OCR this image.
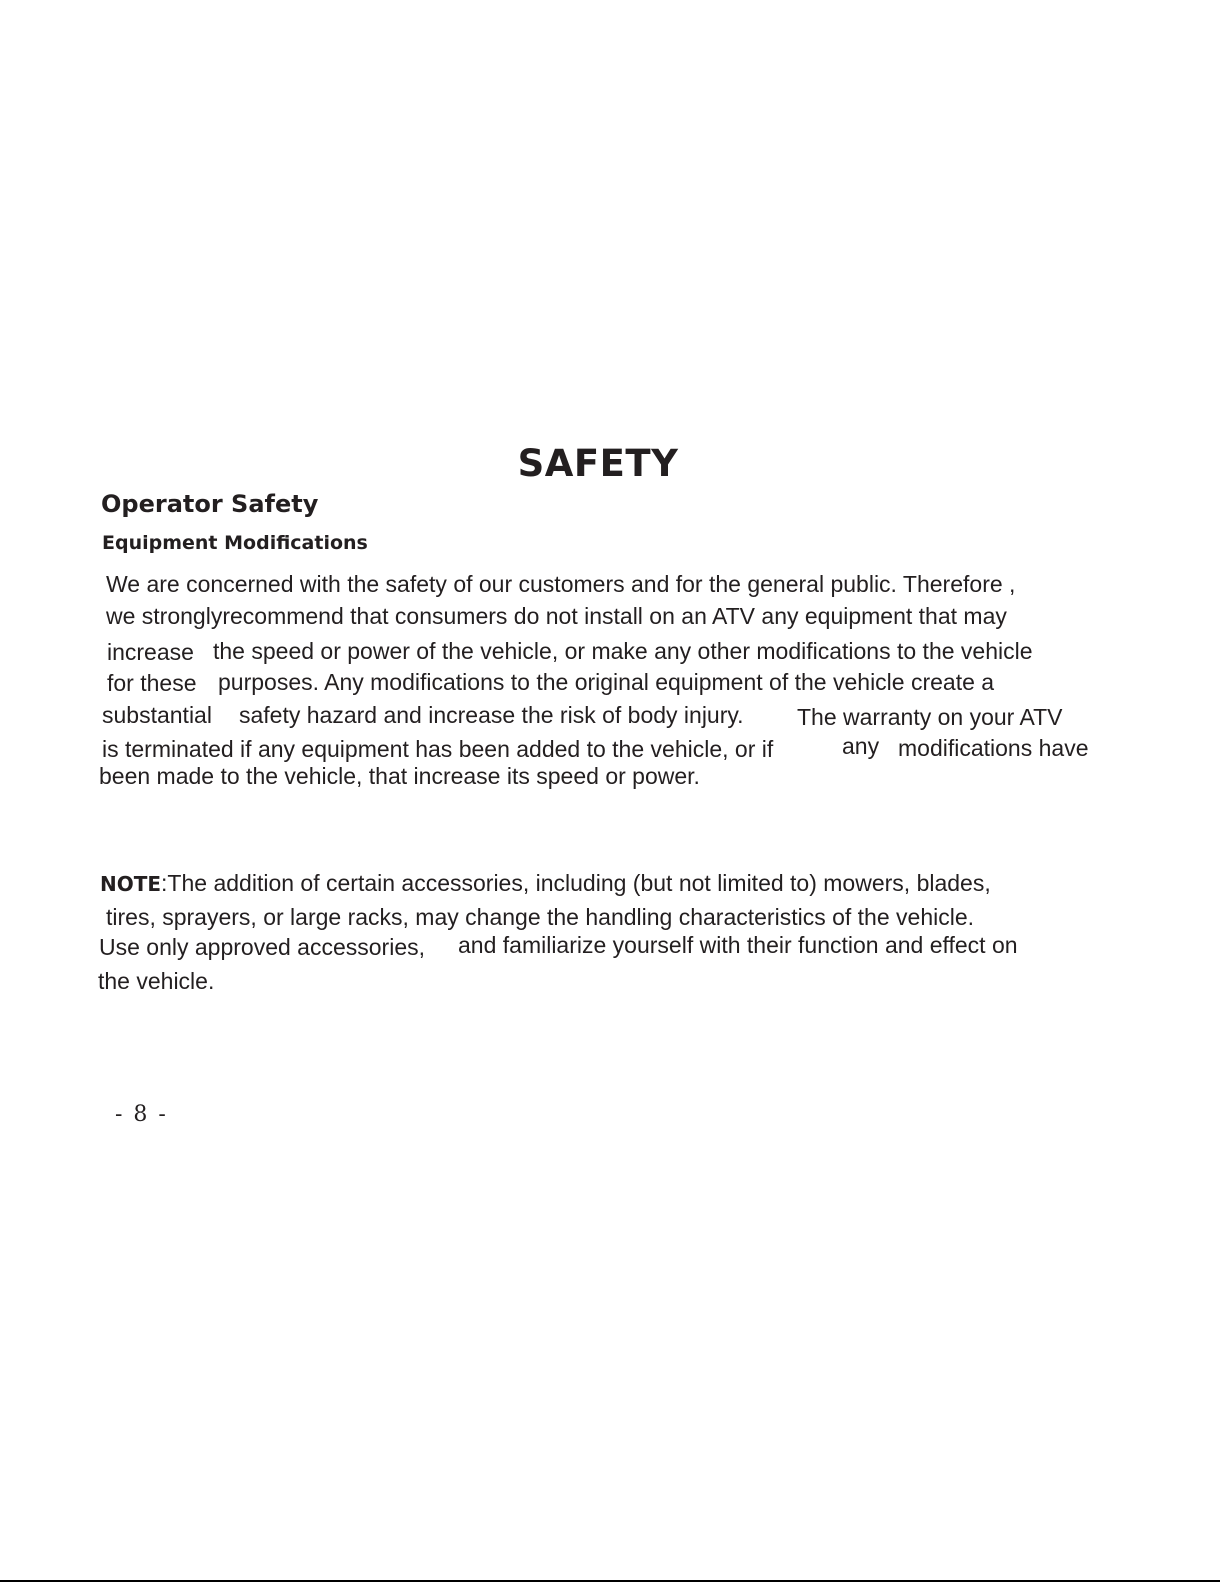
SAFETY
Operator Safety
Equipment Modifications
We are concerned with the safety of our customers and for the general public. Therefore ,
we stronglyrecommend that consumers do not install on an ATV any equipment that may
increase the speed or power of the vehicle, or make any other modifications to the vehicle
for these purposes. Any modifications to the original equipment of the vehicle create a
substantial safety hazard and increase the risk of body injury. The warranty on your ATV
is terminated if any equipment has been added to the vehicle, or if	any modifications have
been made to the vehicle, that increase its speed or power.
NOTE:The addition of certain accessories, including (but not limited to) mowers, blades,
tires, sprayers, or large racks, may change the handling characteristics of the vehicle.
Use only approved accessories, and familiarize yourself with their function and effect on
the vehicle.
- 8 -
